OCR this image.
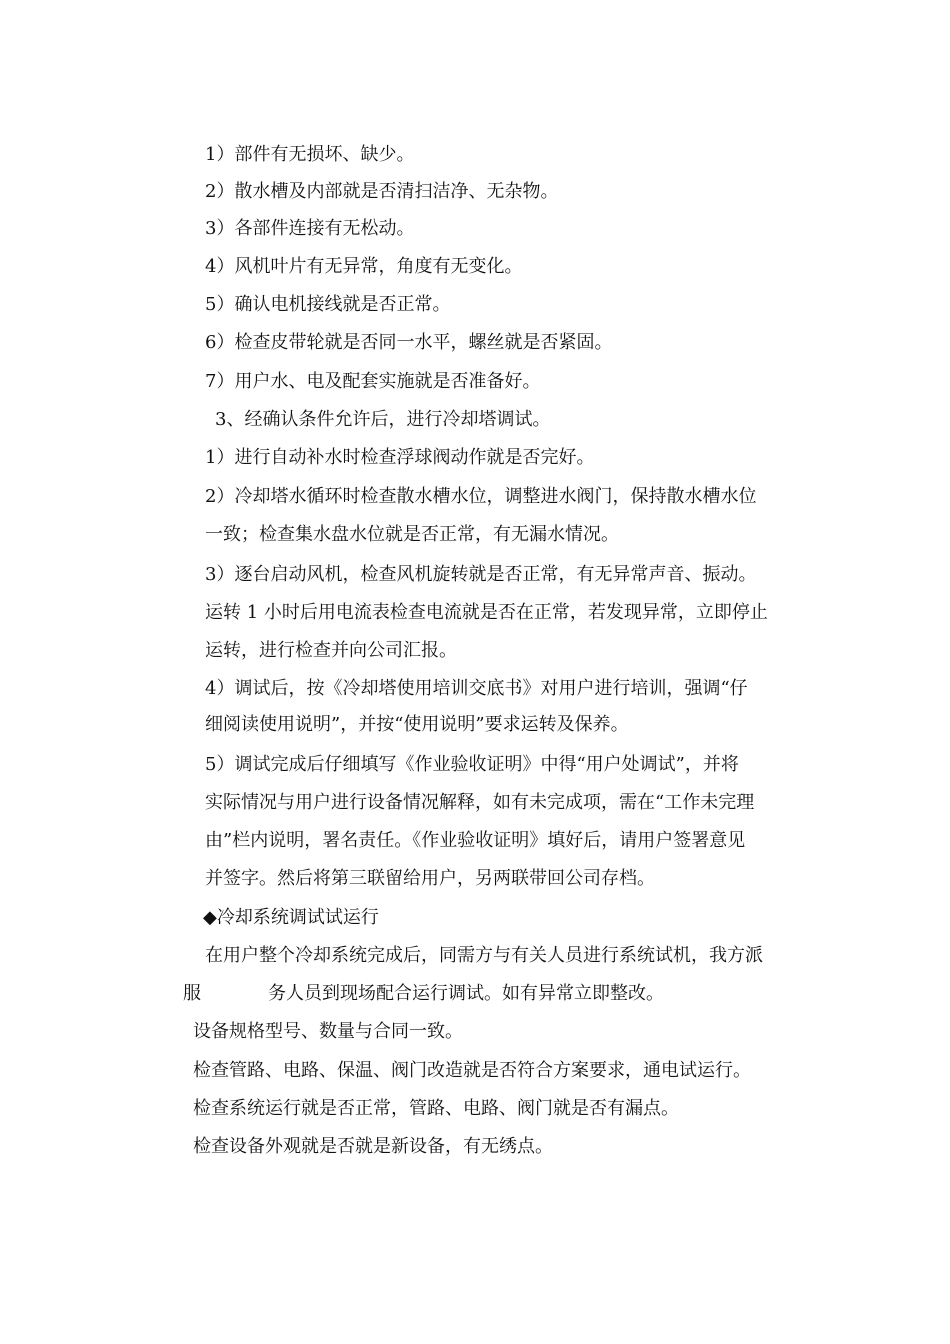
1）部件有无损坏、缺少。
2）散水槽及内部就是否清扫洁净、无杂物。
3）各部件连接有无松动。
4）风机叶片有无异常，角度有无变化。
5）确认电机接线就是否正常。
6）检查皮带轮就是否同一水平，螺丝就是否紧固。
7）用户水、电及配套实施就是否准备好。
3、经确认条件允许后，进行冷却塔调试。
1）进行自动补水时检查浮球阀动作就是否完好。
2）冷却塔水循环时检查散水槽水位，调整进水阀门，保持散水槽水位
一致；检查集水盘水位就是否正常，有无漏水情况。
3）逐台启动风机，检查风机旋转就是否正常，有无异常声音、振动。
运转 1 小时后用电流表检查电流就是否在正常，若发现异常，立即停止
运转，进行检查并向公司汇报。
4）调试后，按《冷却塔使用培训交底书》对用户进行培训，强调“仔
细阅读使用说明”，并按“使用说明”要求运转及保养。
5）调试完成后仔细填写《作业验收证明》中得“用户处调试”，并将
实际情况与用户进行设备情况解释，如有未完成项，需在“工作未完理
由”栏内说明，署名责任。《作业验收证明》填好后，请用户签署意见
并签字。然后将第三联留给用户，另两联带回公司存档。
◆冷却系统调试试运行
在用户整个冷却系统完成后，同需方与有关人员进行系统试机，我方派
服	务人员到现场配合运行调试。如有异常立即整改。
设备规格型号、数量与合同一致。
检查管路、电路、保温、阀门改造就是否符合方案要求，通电试运行。
检查系统运行就是否正常，管路、电路、阀门就是否有漏点。
检查设备外观就是否就是新设备，有无绣点。
